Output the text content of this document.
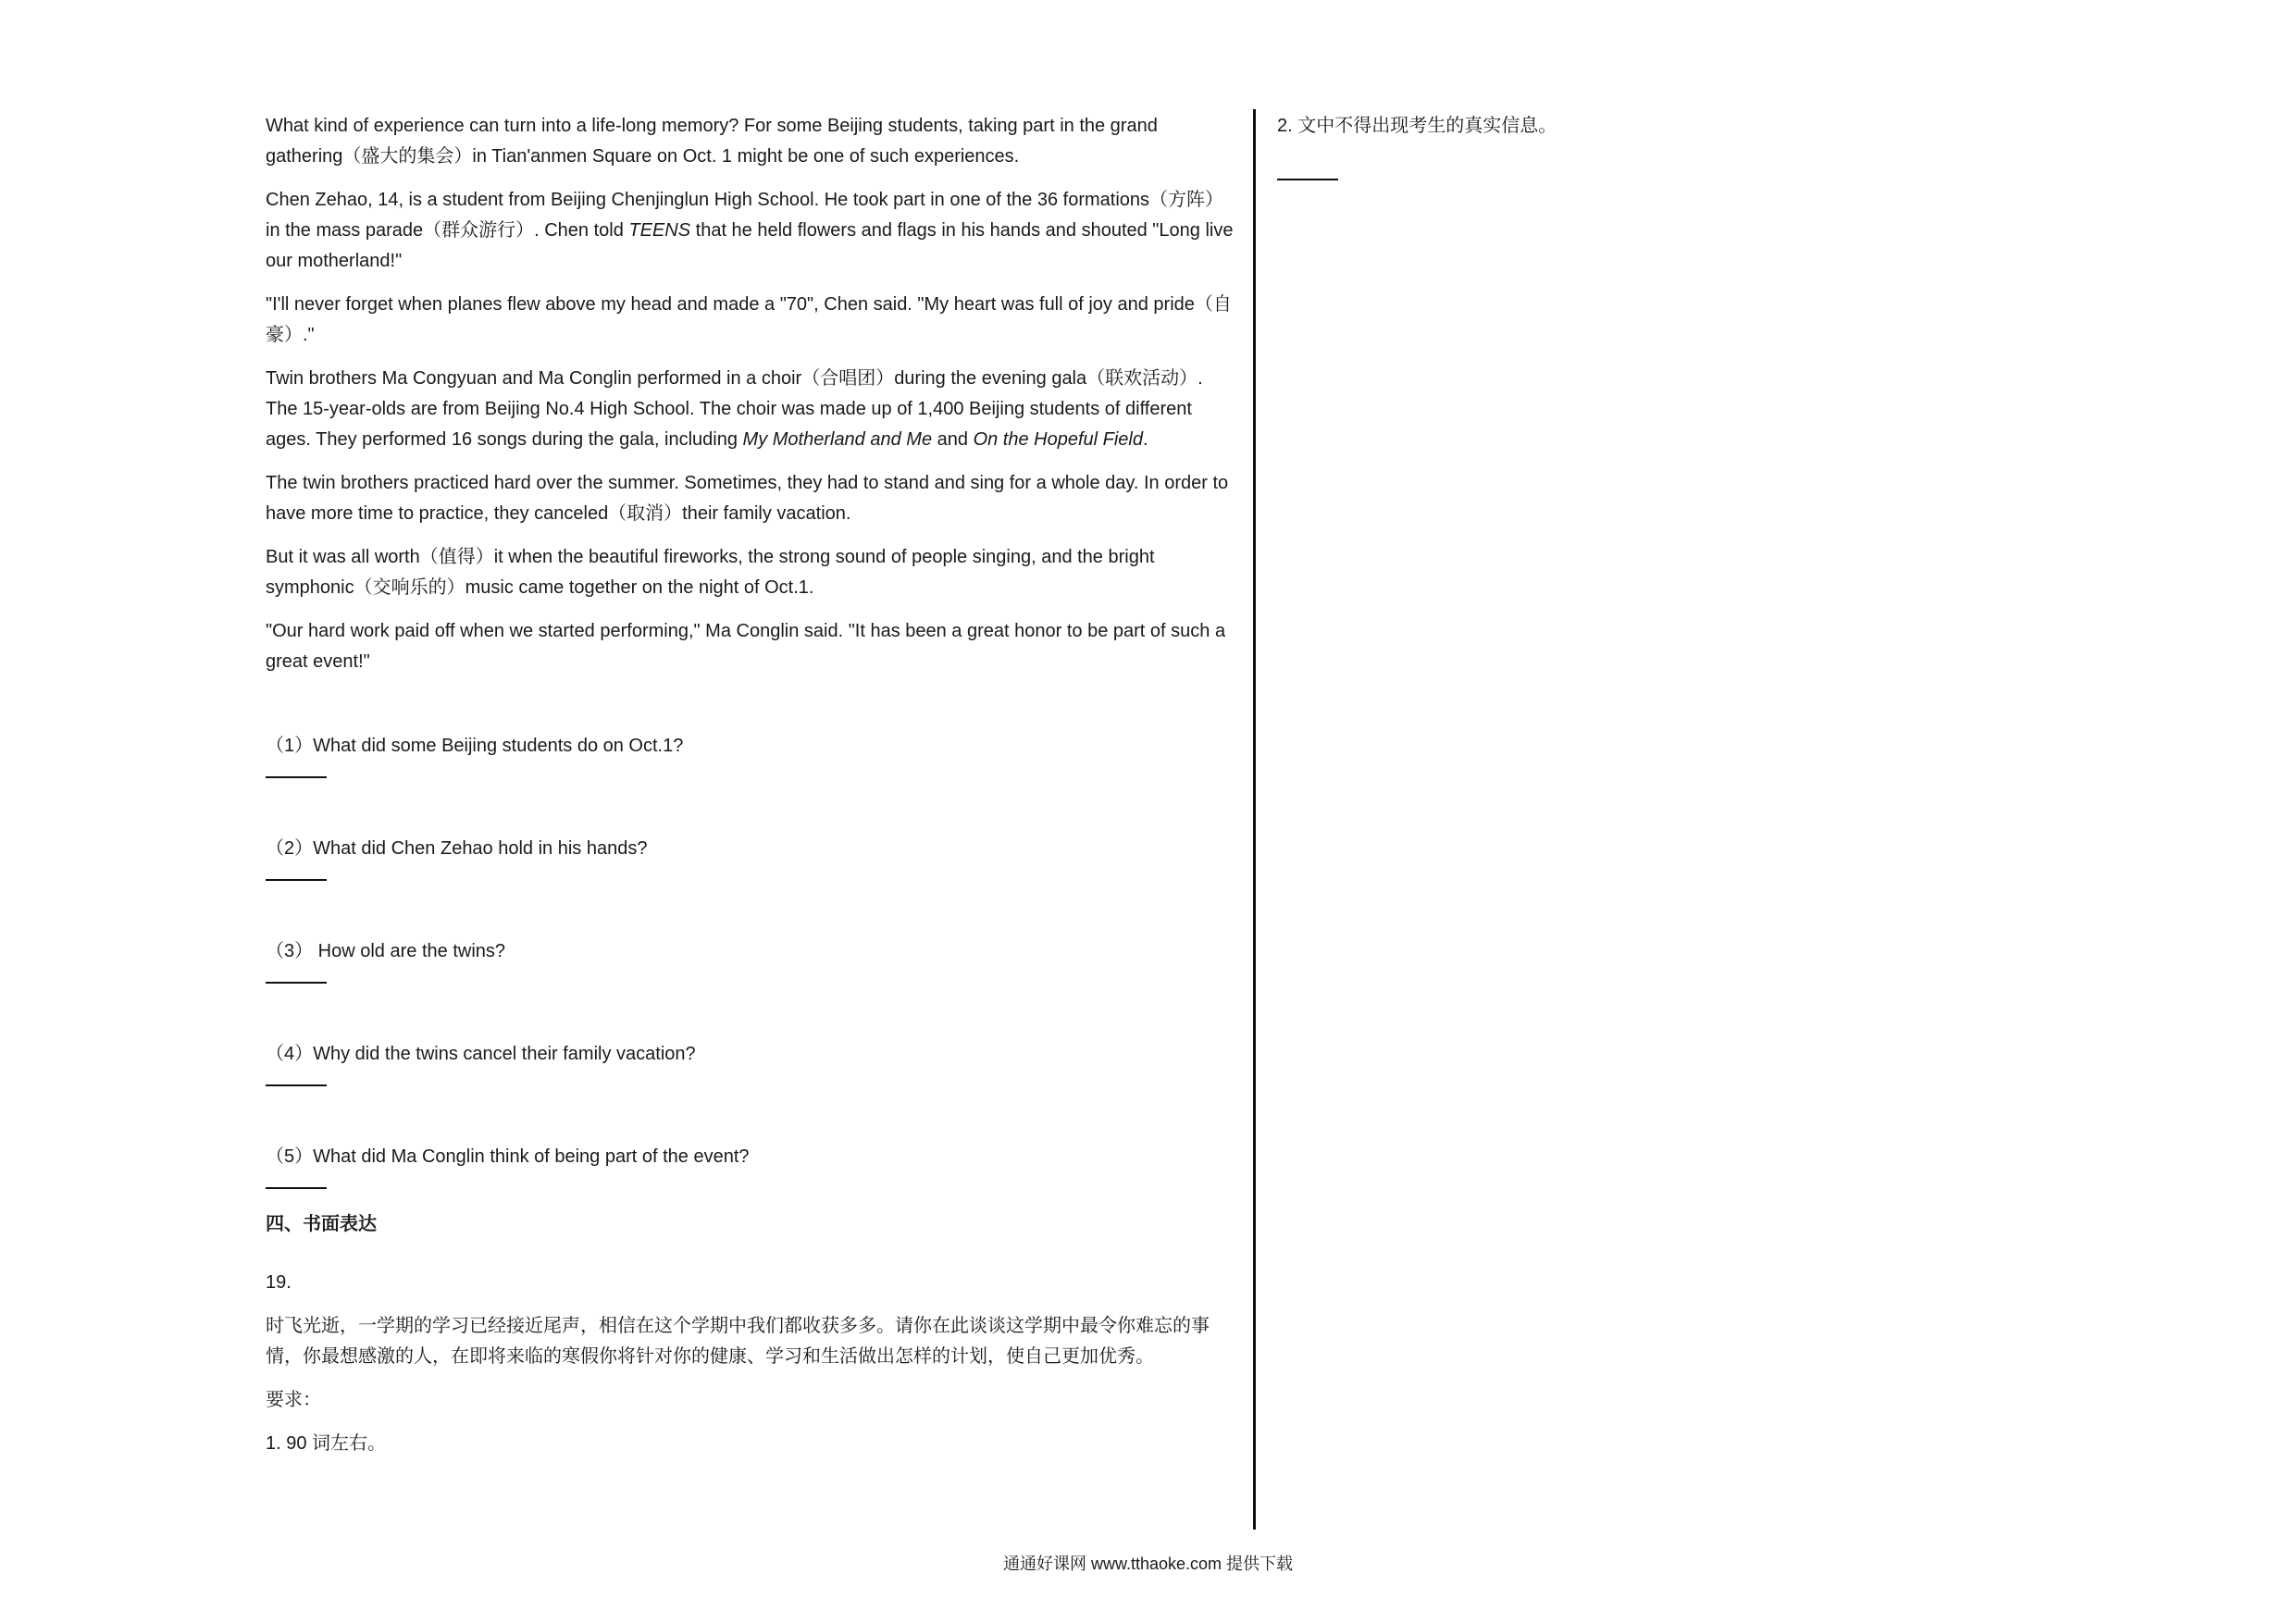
What kind of experience can turn into a life-long memory? For some Beijing students, taking part in the grand gathering（盛大的集会）in Tian'anmen Square on Oct. 1 might be one of such experiences.

Chen Zehao, 14, is a student from Beijing Chenjinglun High School. He took part in one of the 36 formations（方阵）in the mass parade（群众游行）. Chen told TEENS that he held flowers and flags in his hands and shouted "Long live our motherland!"

"I'll never forget when planes flew above my head and made a "70", Chen said. "My heart was full of joy and pride（自豪）."

Twin brothers Ma Congyuan and Ma Conglin performed in a choir（合唱团）during the evening gala（联欢活动）. The 15-year-olds are from Beijing No.4 High School. The choir was made up of 1,400 Beijing students of different ages. They performed 16 songs during the gala, including My Motherland and Me and On the Hopeful Field.

The twin brothers practiced hard over the summer. Sometimes, they had to stand and sing for a whole day. In order to have more time to practice, they canceled（取消）their family vacation.

But it was all worth（值得）it when the beautiful fireworks, the strong sound of people singing, and the bright symphonic（交响乐的）music came together on the night of Oct.1.

"Our hard work paid off when we started performing," Ma Conglin said. "It has been a great honor to be part of such a great event!"

（1）What did some Beijing students do on Oct.1?

（2）What did Chen Zehao hold in his hands?

（3） How old are the twins?

（4）Why did the twins cancel their family vacation?

（5）What did Ma Conglin think of being part of the event?

四、书面表达

19.

时飞光逝，一学期的学习已经接近尾声，相信在这个学期中我们都收获多多。请你在此谈谈这学期中最令你难忘的事情，你最想感激的人，在即将来临的寒假你将针对你的健康、学习和生活做出怎样的计划，使自己更加优秀。

要求：

1. 90 词左右。

2. 文中不得出现考生的真实信息。

通通好课网 www.tthaoke.com 提供下载
